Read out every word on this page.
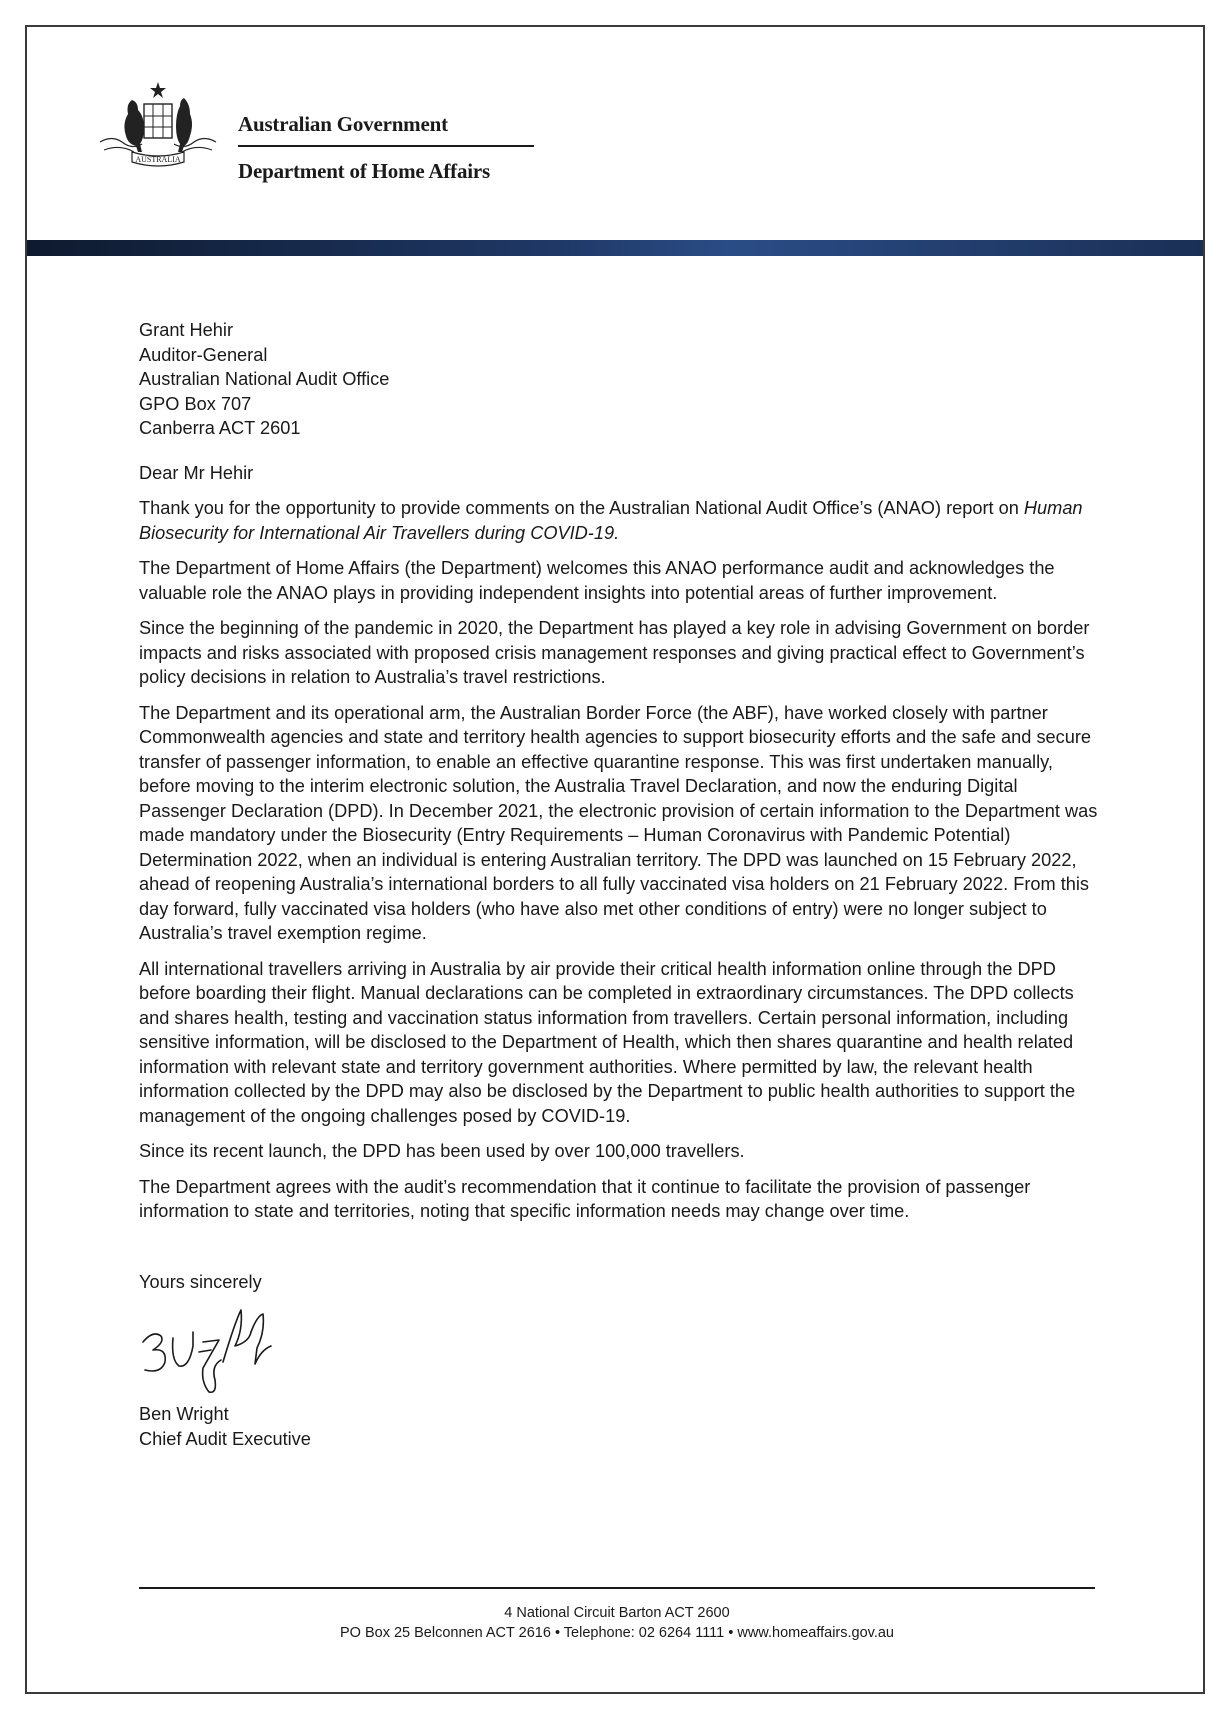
AUSTRALIA
Australian Government
Department of Home Affairs

Grant Hehir

Auditor-General

Australian National Audit Office

GPO Box 707

Canberra ACT 2601

Dear Mr Hehir

Thank you for the opportunity to provide comments on the Australian National Audit Office’s (ANAO) report on Human Biosecurity for International Air Travellers during COVID-19.

The Department of Home Affairs (the Department) welcomes this ANAO performance audit and acknowledges the valuable role the ANAO plays in providing independent insights into potential areas of further improvement.

Since the beginning of the pandemic in 2020, the Department has played a key role in advising Government on border impacts and risks associated with proposed crisis management responses and giving practical effect to Government’s policy decisions in relation to Australia’s travel restrictions.

The Department and its operational arm, the Australian Border Force (the ABF), have worked closely with partner Commonwealth agencies and state and territory health agencies to support biosecurity efforts and the safe and secure transfer of passenger information, to enable an effective quarantine response. This was first undertaken manually, before moving to the interim electronic solution, the Australia Travel Declaration, and now the enduring Digital Passenger Declaration (DPD). In December 2021, the electronic provision of certain information to the Department was made mandatory under the Biosecurity (Entry Requirements – Human Coronavirus with Pandemic Potential) Determination 2022, when an individual is entering Australian territory. The DPD was launched on 15 February 2022, ahead of reopening Australia’s international borders to all fully vaccinated visa holders on 21 February 2022. From this day forward, fully vaccinated visa holders (who have also met other conditions of entry) were no longer subject to Australia’s travel exemption regime.

All international travellers arriving in Australia by air provide their critical health information online through the DPD before boarding their flight. Manual declarations can be completed in extraordinary circumstances. The DPD collects and shares health, testing and vaccination status information from travellers. Certain personal information, including sensitive information, will be disclosed to the Department of Health, which then shares quarantine and health related information with relevant state and territory government authorities. Where permitted by law, the relevant health information collected by the DPD may also be disclosed by the Department to public health authorities to support the management of the ongoing challenges posed by COVID-19.

Since its recent launch, the DPD has been used by over 100,000 travellers.

The Department agrees with the audit’s recommendation that it continue to facilitate the provision of passenger information to state and territories, noting that specific information needs may change over time.

Yours sincerely

Ben Wright

Chief Audit Executive

4 National Circuit Barton ACT 2600
PO Box 25 Belconnen ACT 2616 • Telephone: 02 6264 1111 • www.homeaffairs.gov.au
